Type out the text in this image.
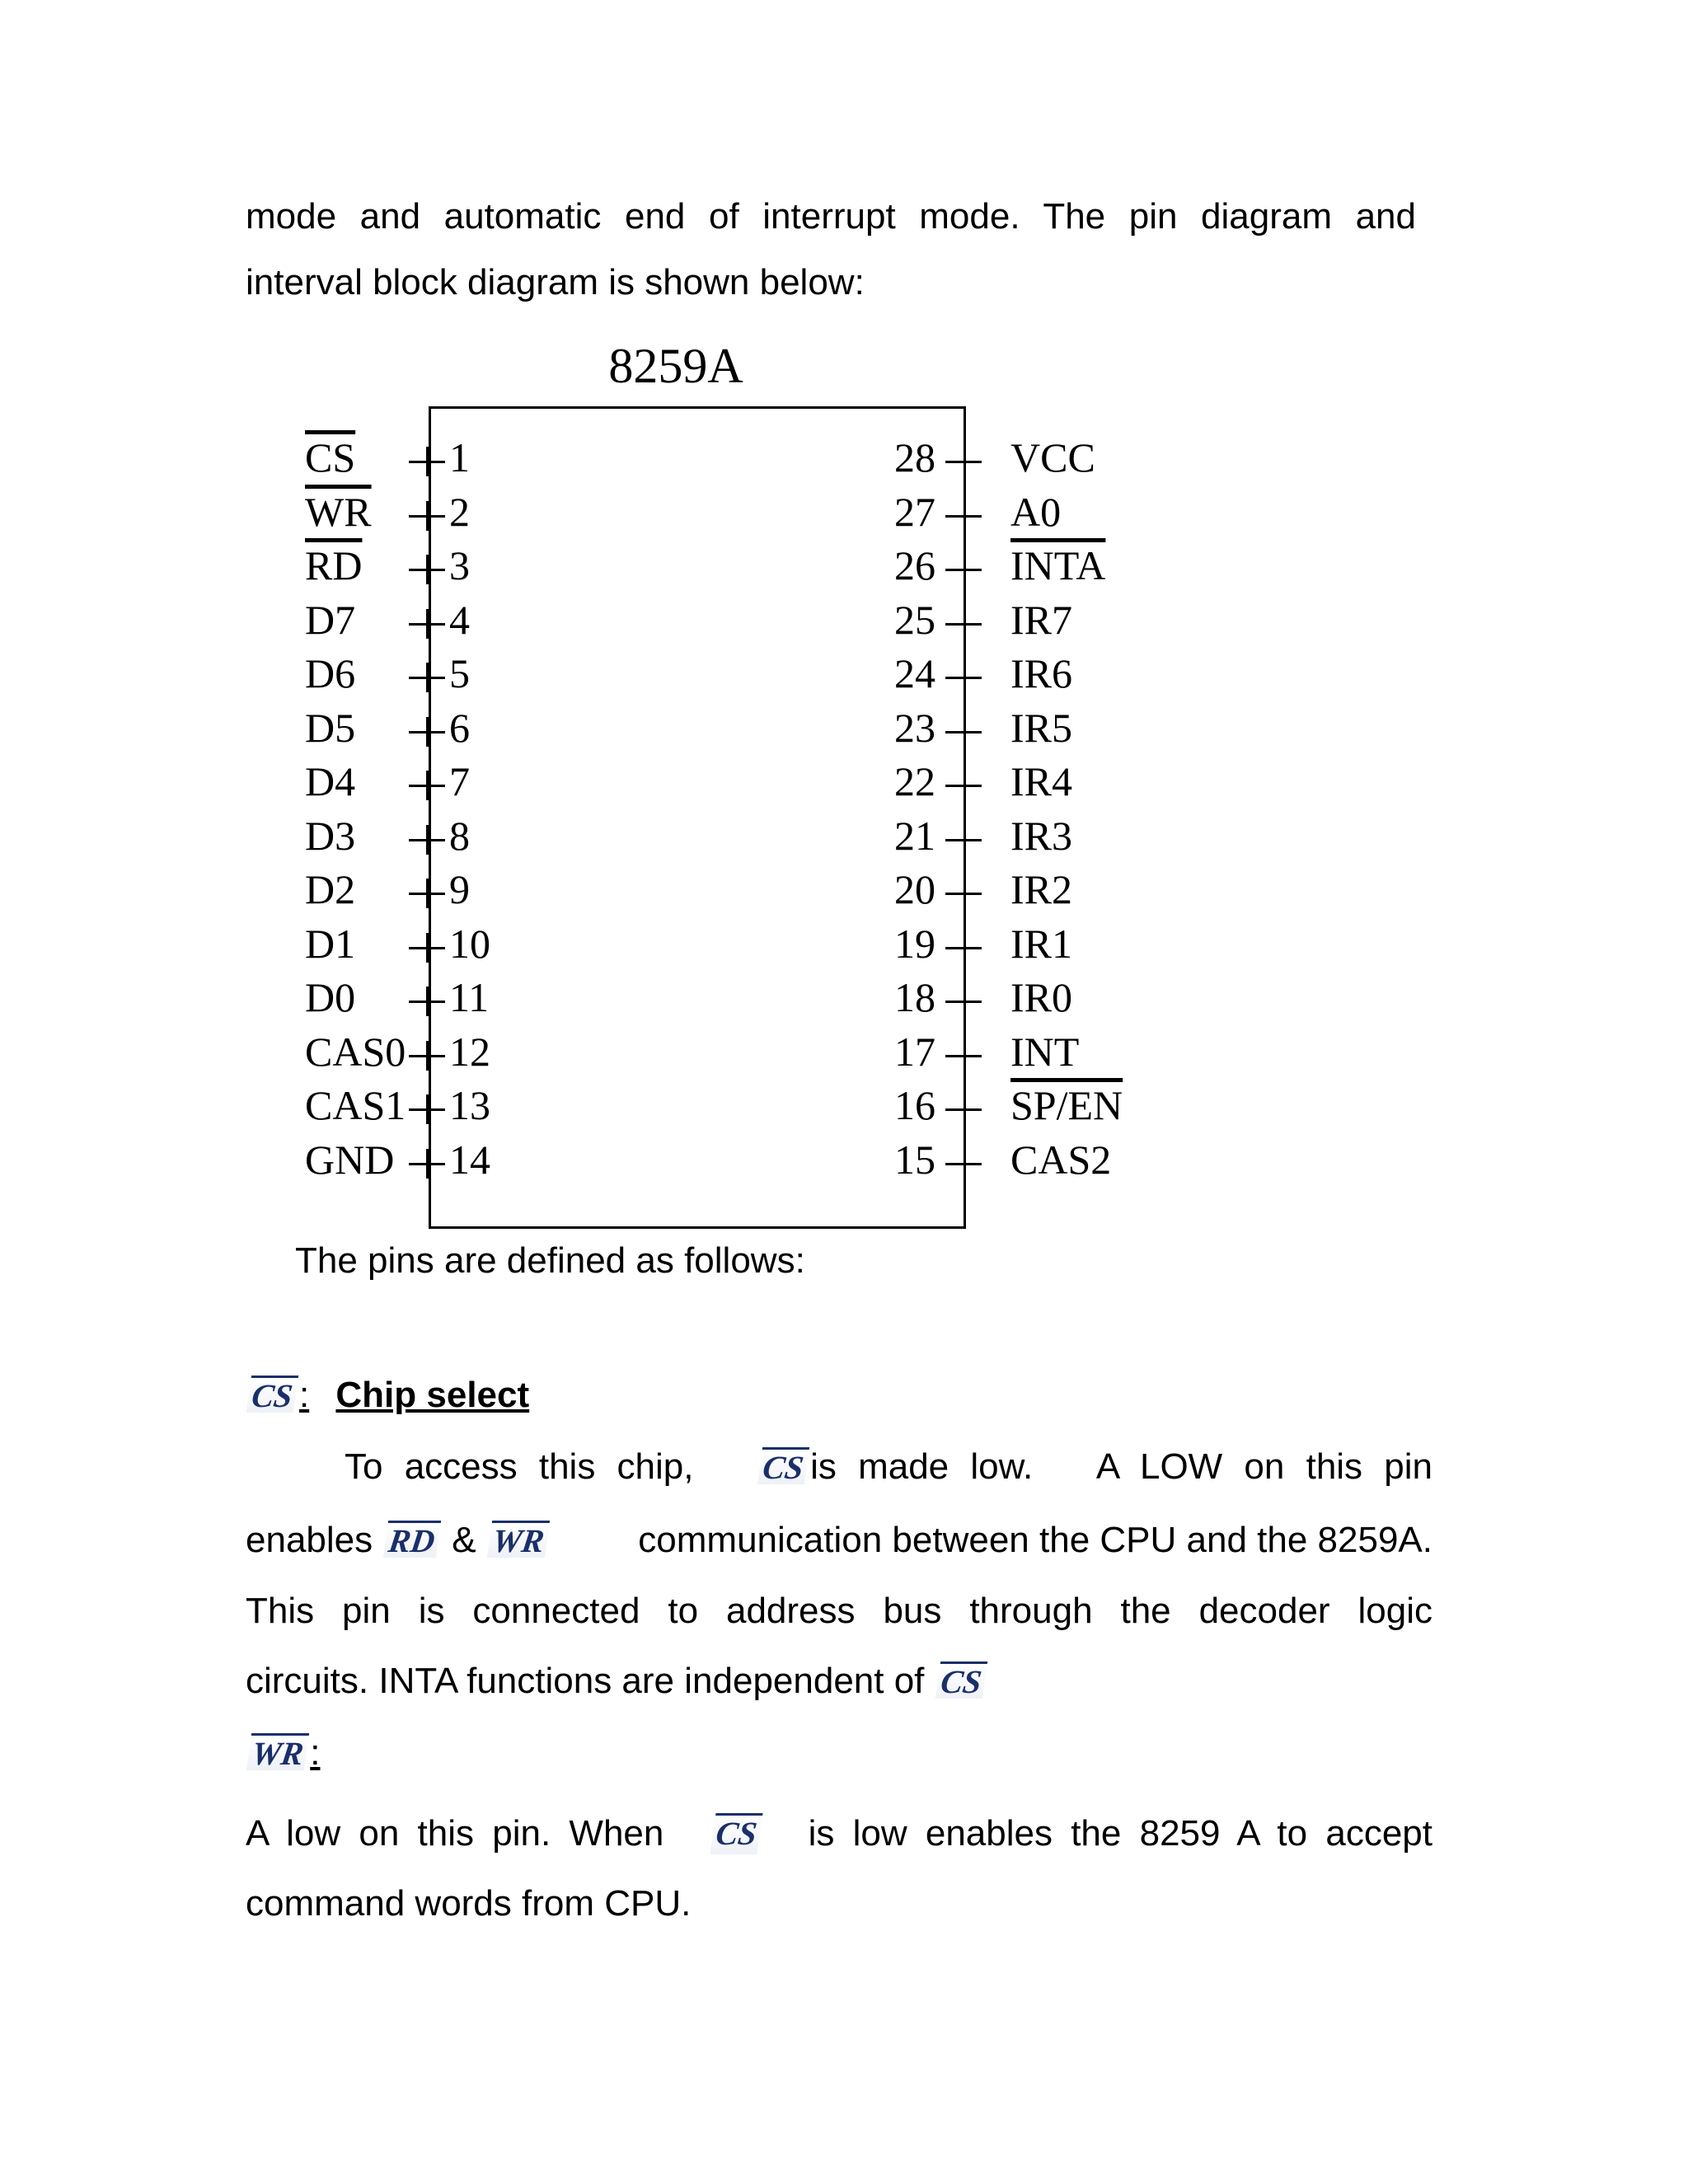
mode and automatic end of interrupt mode. The pin diagram and
interval block diagram is shown below:
8259A
$\overline{CS}$ 1
$\overline{WR}$ 2
$\overline{RD}$ 3
D7 4
D6 5
D5 6
D4 7
D3 8
D2 9
D1 10
D0 11
CAS0 12
CAS1 13
GND 14
28 VCC
27 A0
26 INTA
25 IR7
24 IR6
23 IR5
22 IR4
21 IR3
20 IR2
19 IR1
18 IR0
17 INT
16 SP/EN
15 CAS2
The pins are defined as follows:
CS : Chip select
To access this chip, CS is made low. A LOW on this pin
enables RD & WR	communication between the CPU and the 8259A.
This pin is connected to address bus through the decoder logic
circuits. INTA functions are independent of CS
WR :
A low on this pin. When CS is low enables the 8259 A to accept
command words from CPU.
